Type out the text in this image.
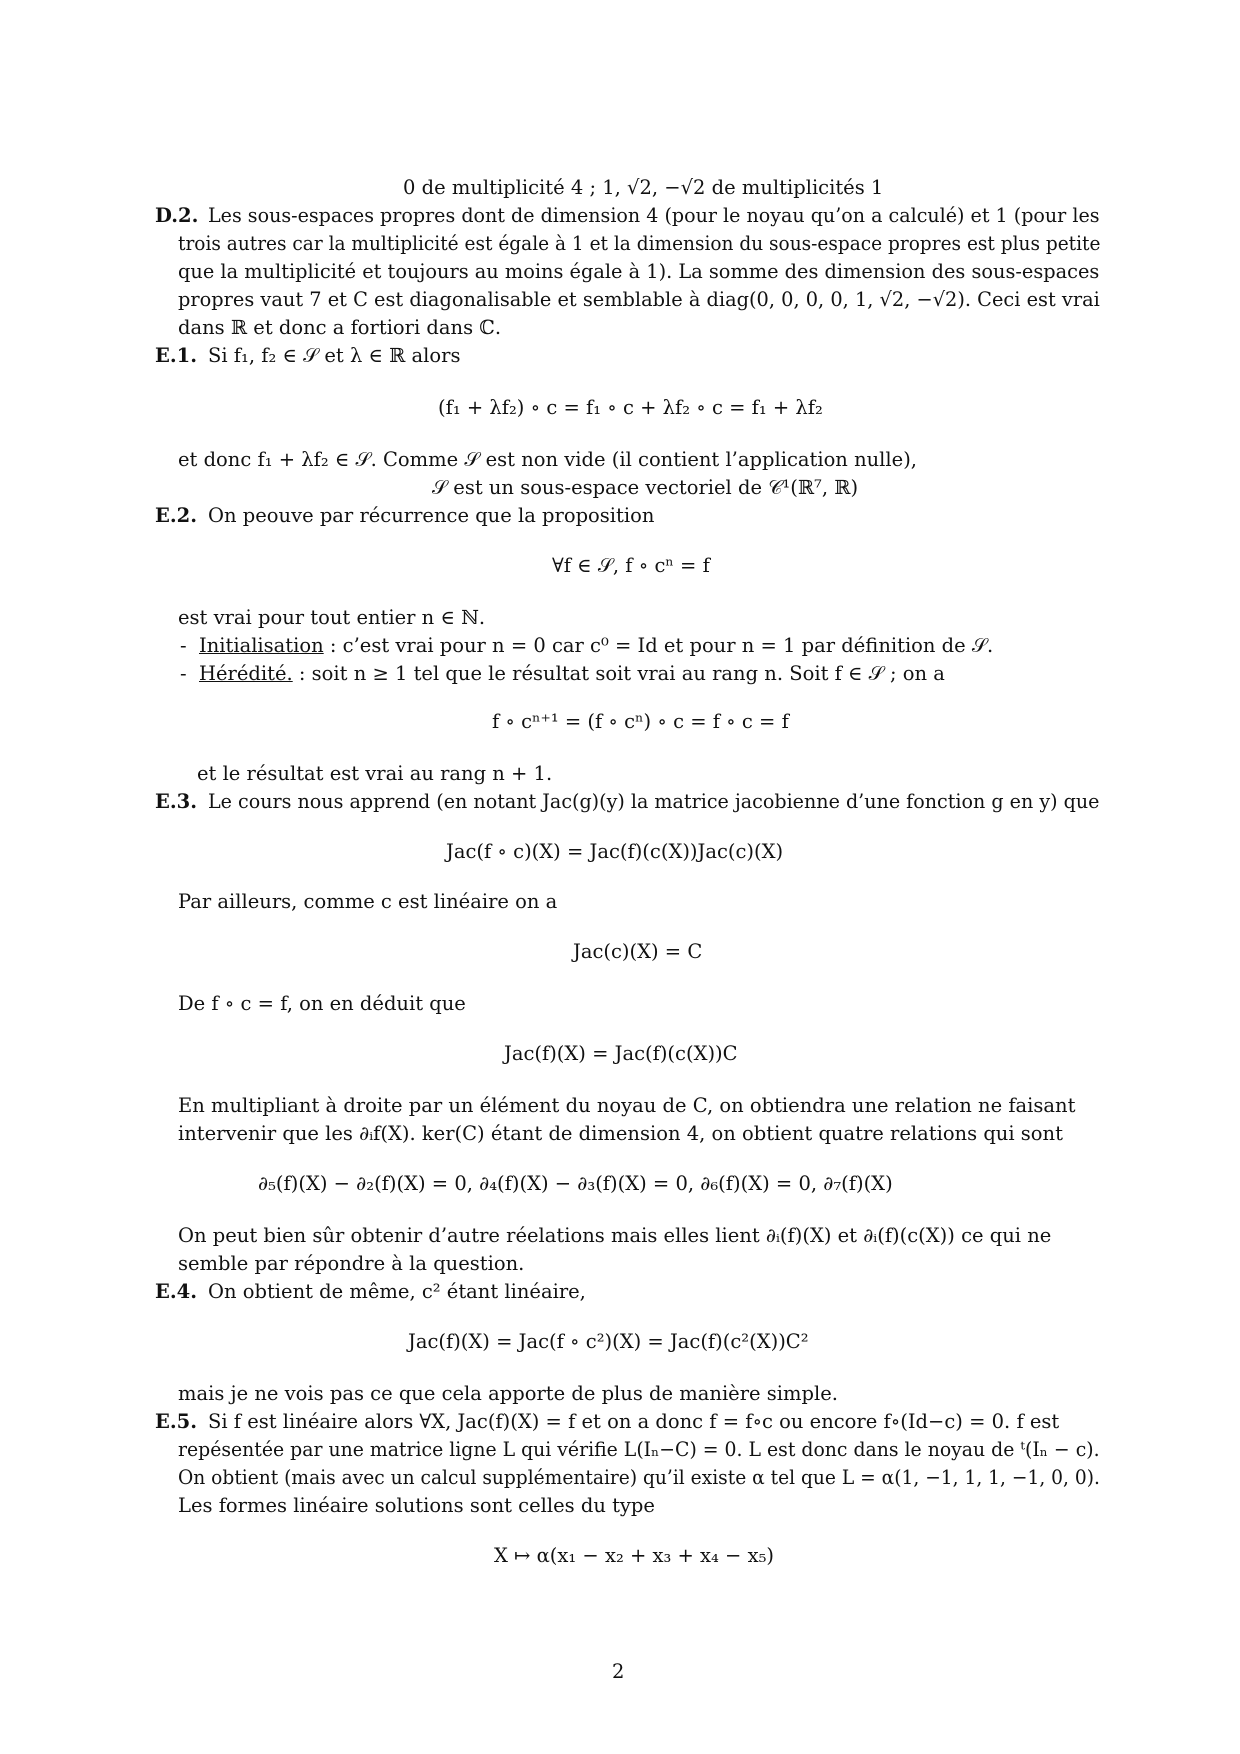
0 de multiplicité 4 ; 1, √2, −√2 de multiplicités 1
D.2. Les sous-espaces propres dont de dimension 4 (pour le noyau qu’on a calculé) et 1 (pour les
trois autres car la multiplicité est égale à 1 et la dimension du sous-espace propres est plus petite
que la multiplicité et toujours au moins égale à 1). La somme des dimension des sous-espaces
propres vaut 7 et C est diagonalisable et semblable à diag(0, 0, 0, 0, 1, √2, −√2). Ceci est vrai
dans ℝ et donc a fortiori dans ℂ.
E.1. Si f₁, f₂ ∈ 𝒮 et λ ∈ ℝ alors
(f₁ + λf₂) ∘ c = f₁ ∘ c + λf₂ ∘ c = f₁ + λf₂
et donc f₁ + λf₂ ∈ 𝒮. Comme 𝒮 est non vide (il contient l’application nulle),
𝒮 est un sous-espace vectoriel de 𝒞¹(ℝ⁷, ℝ)
E.2. On peouve par récurrence que la proposition
∀f ∈ 𝒮, f ∘ cⁿ = f
est vrai pour tout entier n ∈ ℕ.
- Initialisation : c’est vrai pour n = 0 car c⁰ = Id et pour n = 1 par définition de 𝒮.
- Hérédité. : soit n ≥ 1 tel que le résultat soit vrai au rang n. Soit f ∈ 𝒮 ; on a
f ∘ cⁿ⁺¹ = (f ∘ cⁿ) ∘ c = f ∘ c = f
et le résultat est vrai au rang n + 1.
E.3. Le cours nous apprend (en notant Jac(g)(y) la matrice jacobienne d’une fonction g en y) que
Jac(f ∘ c)(X) = Jac(f)(c(X))Jac(c)(X)
Par ailleurs, comme c est linéaire on a
Jac(c)(X) = C
De f ∘ c = f, on en déduit que
Jac(f)(X) = Jac(f)(c(X))C
En multipliant à droite par un élément du noyau de C, on obtiendra une relation ne faisant
intervenir que les ∂ᵢf(X). ker(C) étant de dimension 4, on obtient quatre relations qui sont
∂₅(f)(X) − ∂₂(f)(X) = 0, ∂₄(f)(X) − ∂₃(f)(X) = 0, ∂₆(f)(X) = 0, ∂₇(f)(X)
On peut bien sûr obtenir d’autre réelations mais elles lient ∂ᵢ(f)(X) et ∂ᵢ(f)(c(X)) ce qui ne
semble par répondre à la question.
E.4. On obtient de même, c² étant linéaire,
Jac(f)(X) = Jac(f ∘ c²)(X) = Jac(f)(c²(X))C²
mais je ne vois pas ce que cela apporte de plus de manière simple.
E.5. Si f est linéaire alors ∀X, Jac(f)(X) = f et on a donc f = f∘c ou encore f∘(Id−c) = 0. f est
repésentée par une matrice ligne L qui vérifie L(Iₙ−C) = 0. L est donc dans le noyau de ᵗ(Iₙ − c).
On obtient (mais avec un calcul supplémentaire) qu’il existe α tel que L = α(1, −1, 1, 1, −1, 0, 0).
Les formes linéaire solutions sont celles du type
X ↦ α(x₁ − x₂ + x₃ + x₄ − x₅)
2
